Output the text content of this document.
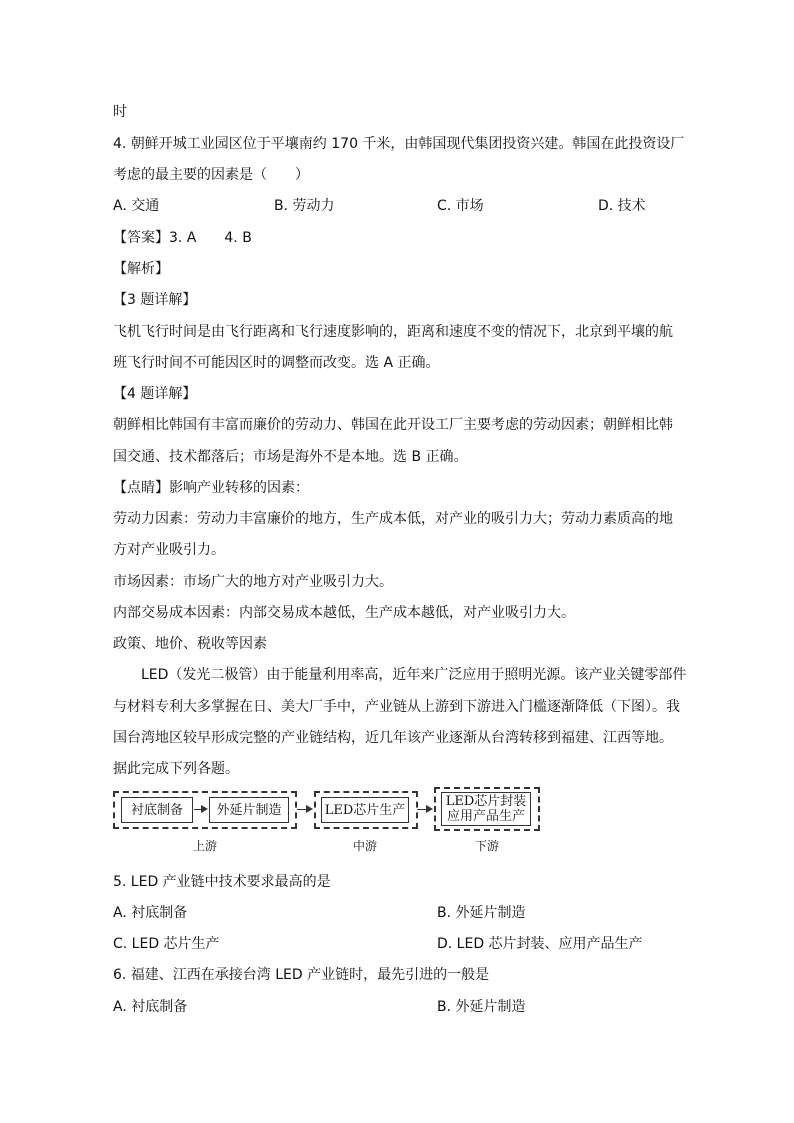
时
4. 朝鲜开城工业园区位于平壤南约 170 千米，由韩国现代集团投资兴建。韩国在此投资设厂
考虑的最主要的因素是（　　）
A. 交通	B. 劳动力	C. 市场	D. 技术
【答案】3. A　　4. B
【解析】
【3 题详解】
飞机飞行时间是由飞行距离和飞行速度影响的，距离和速度不变的情况下，北京到平壤的航
班飞行时间不可能因区时的调整而改变。选 A 正确。
【4 题详解】
朝鲜相比韩国有丰富而廉价的劳动力、韩国在此开设工厂主要考虑的劳动因素；朝鲜相比韩
国交通、技术都落后；市场是海外不是本地。选 B 正确。
【点睛】影响产业转移的因素：
劳动力因素：劳动力丰富廉价的地方，生产成本低，对产业的吸引力大；劳动力素质高的地
方对产业吸引力。
市场因素：市场广大的地方对产业吸引力大。
内部交易成本因素：内部交易成本越低，生产成本越低，对产业吸引力大。
政策、地价、税收等因素
LED（发光二极管）由于能量利用率高，近年来广泛应用于照明光源。该产业关键零部件
与材料专利大多掌握在日、美大厂手中，产业链从上游到下游进入门槛逐渐降低（下图）。我
国台湾地区较早形成完整的产业链结构，近几年该产业逐渐从台湾转移到福建、江西等地。
据此完成下列各题。
衬底制备	外延片制造	LED芯片生产
LED芯片封装
应用产品生产
上游	中游	下游
5. LED 产业链中技术要求最高的是
A. 衬底制备	B. 外延片制造
C. LED 芯片生产	D. LED 芯片封装、应用产品生产
6. 福建、江西在承接台湾 LED 产业链时，最先引进的一般是
A. 衬底制备	B. 外延片制造
